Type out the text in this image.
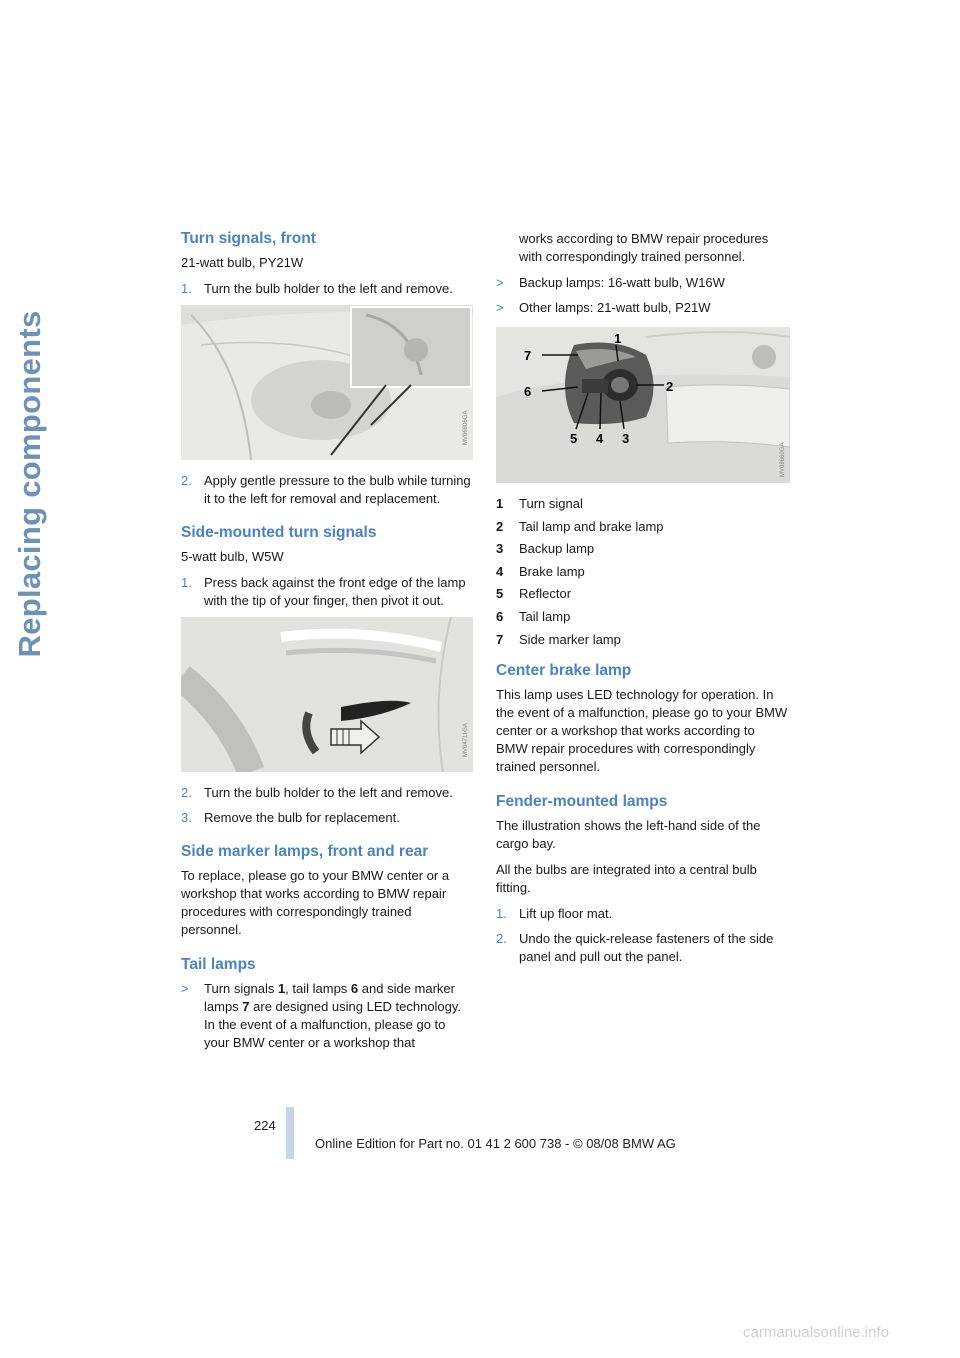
Replacing components
Turn signals, front

21-watt bulb, PY21W

1. Turn the bulb holder to the left and remove.
MV06806GA
2. Apply gentle pressure to the bulb while turning it to the left for removal and replacement.
Side-mounted turn signals

5-watt bulb, W5W

1. Press back against the front edge of the lamp with the tip of your finger, then pivot it out.
MV04711GA
2. Turn the bulb holder to the left and remove.
3. Remove the bulb for replacement.
Side marker lamps, front and rear

To replace, please go to your BMW center or a workshop that works according to BMW repair procedures with correspondingly trained personnel.

Tail lamps
> Turn signals 1, tail lamps 6 and side marker lamps 7 are designed using LED technology. In the event of a malfunction, please go to your BMW center or a workshop that

works according to BMW repair procedures with correspondingly trained personnel.

> Backup lamps: 16-watt bulb, W16W
> Other lamps: 21-watt bulb, P21W
1
2
3
4
5
6
7
MV08660GA
1 Turn signal
2 Tail lamp and brake lamp
3 Backup lamp
4 Brake lamp
5 Reflector
6 Tail lamp
7 Side marker lamp
Center brake lamp

This lamp uses LED technology for operation. In the event of a malfunction, please go to your BMW center or a workshop that works according to BMW repair procedures with correspondingly trained personnel.

Fender-mounted lamps

The illustration shows the left-hand side of the cargo bay.

All the bulbs are integrated into a central bulb fitting.

1. Lift up floor mat.
2. Undo the quick-release fasteners of the side panel and pull out the panel.
224
Online Edition for Part no. 01 41 2 600 738 - © 08/08 BMW AG
carmanualsonline.info
